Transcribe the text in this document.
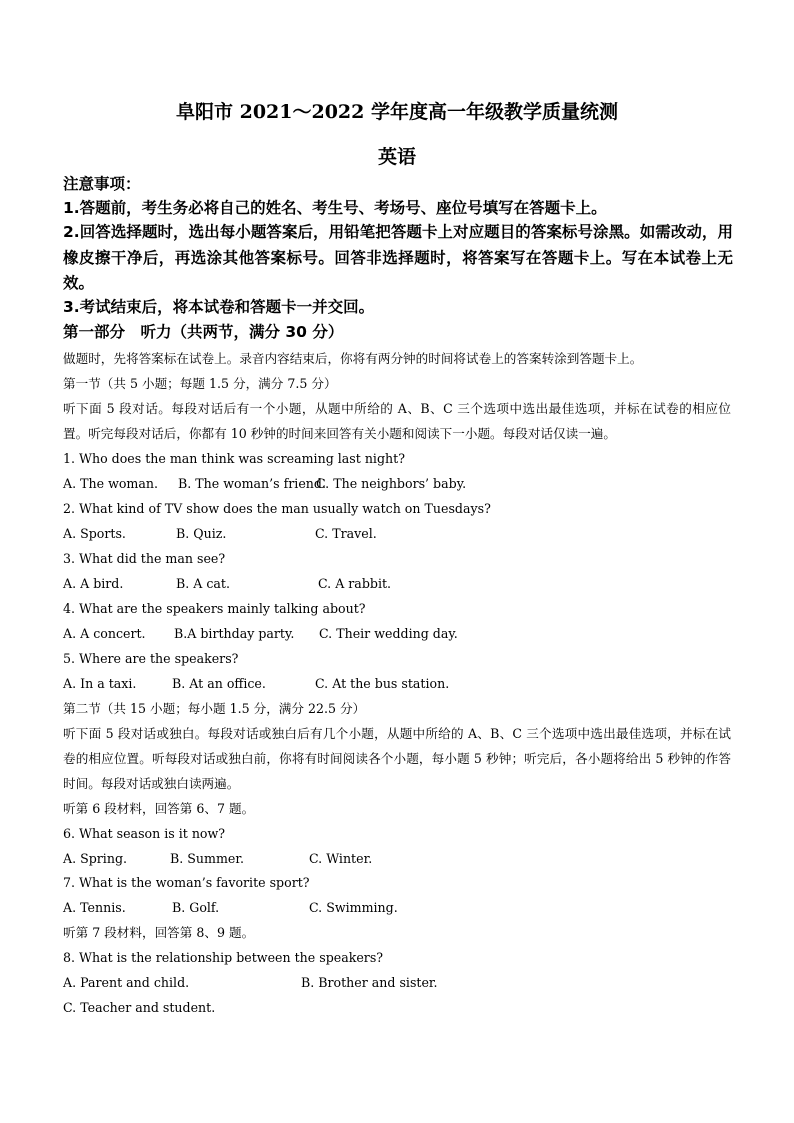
阜阳市 2021～2022 学年度高一年级教学质量统测
英语
注意事项：
1.答题前，考生务必将自己的姓名、考生号、考场号、座位号填写在答题卡上。
2.回答选择题时，选出每小题答案后，用铅笔把答题卡上对应题目的答案标号涂黑。如需改动，用橡皮擦干净后，再选涂其他答案标号。回答非选择题时，将答案写在答题卡上。写在本试卷上无效。
3.考试结束后，将本试卷和答题卡一并交回。
第一部分　听力（共两节，满分 30 分）
做题时，先将答案标在试卷上。录音内容结束后，你将有两分钟的时间将试卷上的答案转涂到答题卡上。
第一节（共 5 小题；每题 1.5 分，满分 7.5 分）
听下面 5 段对话。每段对话后有一个小题，从题中所给的 A、B、C 三个选项中选出最佳选项，并标在试卷的相应位置。听完每段对话后，你都有 10 秒钟的时间来回答有关小题和阅读下一小题。每段对话仅读一遍。
1. Who does the man think was screaming last night?
A. The woman. B. The woman’s friend.
C. The neighbors’ baby.
2. What kind of TV show does the man usually watch on Tuesdays?
A. Sports.	B. Quiz.	C. Travel.
3. What did the man see?
A. A bird.	B. A cat.	C. A rabbit.
4. What are the speakers mainly talking about?
A. A concert. B.A birthday party. C. Their wedding day.
5. Where are the speakers?
A. In a taxi.	B. At an office.	C. At the bus station.
第二节（共 15 小题；每小题 1.5 分，满分 22.5 分）
听下面 5 段对话或独白。每段对话或独白后有几个小题，从题中所给的 A、B、C 三个选项中选出最佳选项，并标在试卷的相应位置。听每段对话或独白前，你将有时间阅读各个小题，每小题 5 秒钟；听完后，各小题将给出 5 秒钟的作答时间。每段对话或独白读两遍。
听第 6 段材料，回答第 6、7 题。
6. What season is it now?
A. Spring.	B. Summer.	C. Winter.
7. What is the woman’s favorite sport?
A. Tennis.	B. Golf.	C. Swimming.
听第 7 段材料，回答第 8、9 题。
8. What is the relationship between the speakers?
A. Parent and child.	B. Brother and sister.
C. Teacher and student.
